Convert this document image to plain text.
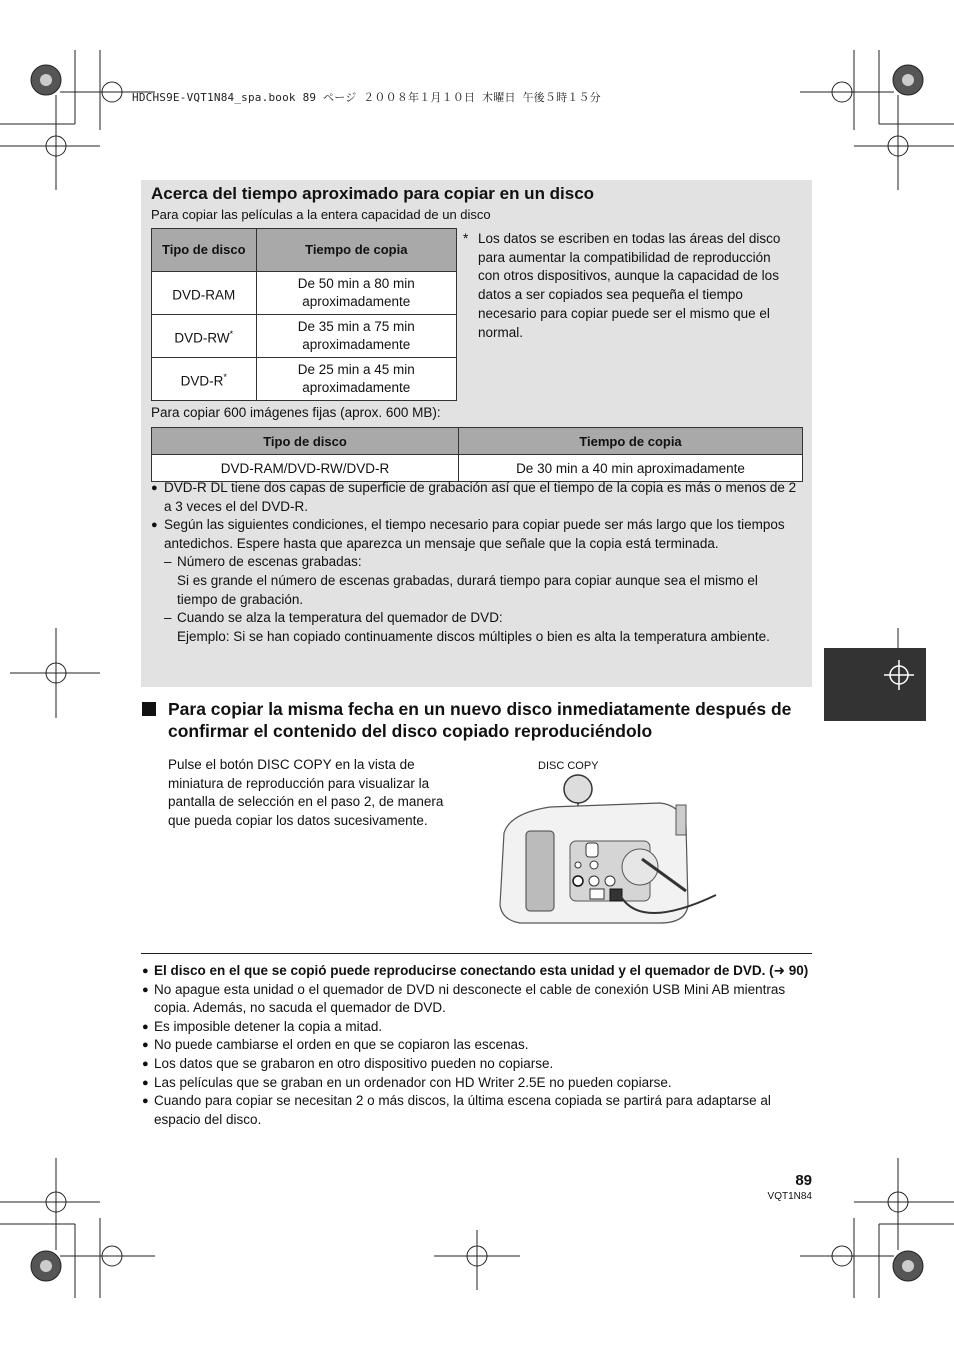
HDCHS9E-VQT1N84_spa.book 89 ページ ２００８年１月１０日 木曜日 午後５時１５分
Acerca del tiempo aproximado para copiar en un disco
Para copiar las películas a la entera capacidad de un disco
Tipo de disco	Tiempo de copia
DVD-RAM	De 50 min a 80 min aproximadamente
DVD-RW*	De 35 min a 75 min aproximadamente
DVD-R*	De 25 min a 45 min aproximadamente
* Los datos se escriben en todas las áreas del disco para aumentar la compatibilidad de reproducción con otros dispositivos, aunque la capacidad de los datos a ser copiados sea pequeña el tiempo necesario para copiar puede ser el mismo que el normal.
Para copiar 600 imágenes fijas (aprox. 600 MB):
Tipo de disco	Tiempo de copia
DVD-RAM/DVD-RW/DVD-R	De 30 min a 40 min aproximadamente
● DVD-R DL tiene dos capas de superficie de grabación así que el tiempo de la copia es más o menos de 2 a 3 veces el del DVD-R.
● Según las siguientes condiciones, el tiempo necesario para copiar puede ser más largo que los tiempos antedichos. Espere hasta que aparezca un mensaje que señale que la copia está terminada.
– Número de escenas grabadas:
Si es grande el número de escenas grabadas, durará tiempo para copiar aunque sea el mismo el tiempo de grabación.
– Cuando se alza la temperatura del quemador de DVD:
Ejemplo: Si se han copiado continuamente discos múltiples o bien es alta la temperatura ambiente.
Para copiar la misma fecha en un nuevo disco inmediatamente después de confirmar el contenido del disco copiado reproduciéndolo
Pulse el botón DISC COPY en la vista de miniatura de reproducción para visualizar la pantalla de selección en el paso 2, de manera que pueda copiar los datos sucesivamente.
DISC COPY
● El disco en el que se copió puede reproducirse conectando esta unidad y el quemador de DVD. (➜ 90)
● No apague esta unidad o el quemador de DVD ni desconecte el cable de conexión USB Mini AB mientras copia. Además, no sacuda el quemador de DVD.
● Es imposible detener la copia a mitad.
● No puede cambiarse el orden en que se copiaron las escenas.
● Los datos que se grabaron en otro dispositivo pueden no copiarse.
● Las películas que se graban en un ordenador con HD Writer 2.5E no pueden copiarse.
● Cuando para copiar se necesitan 2 o más discos, la última escena copiada se partirá para adaptarse al espacio del disco.
89
VQT1N84
